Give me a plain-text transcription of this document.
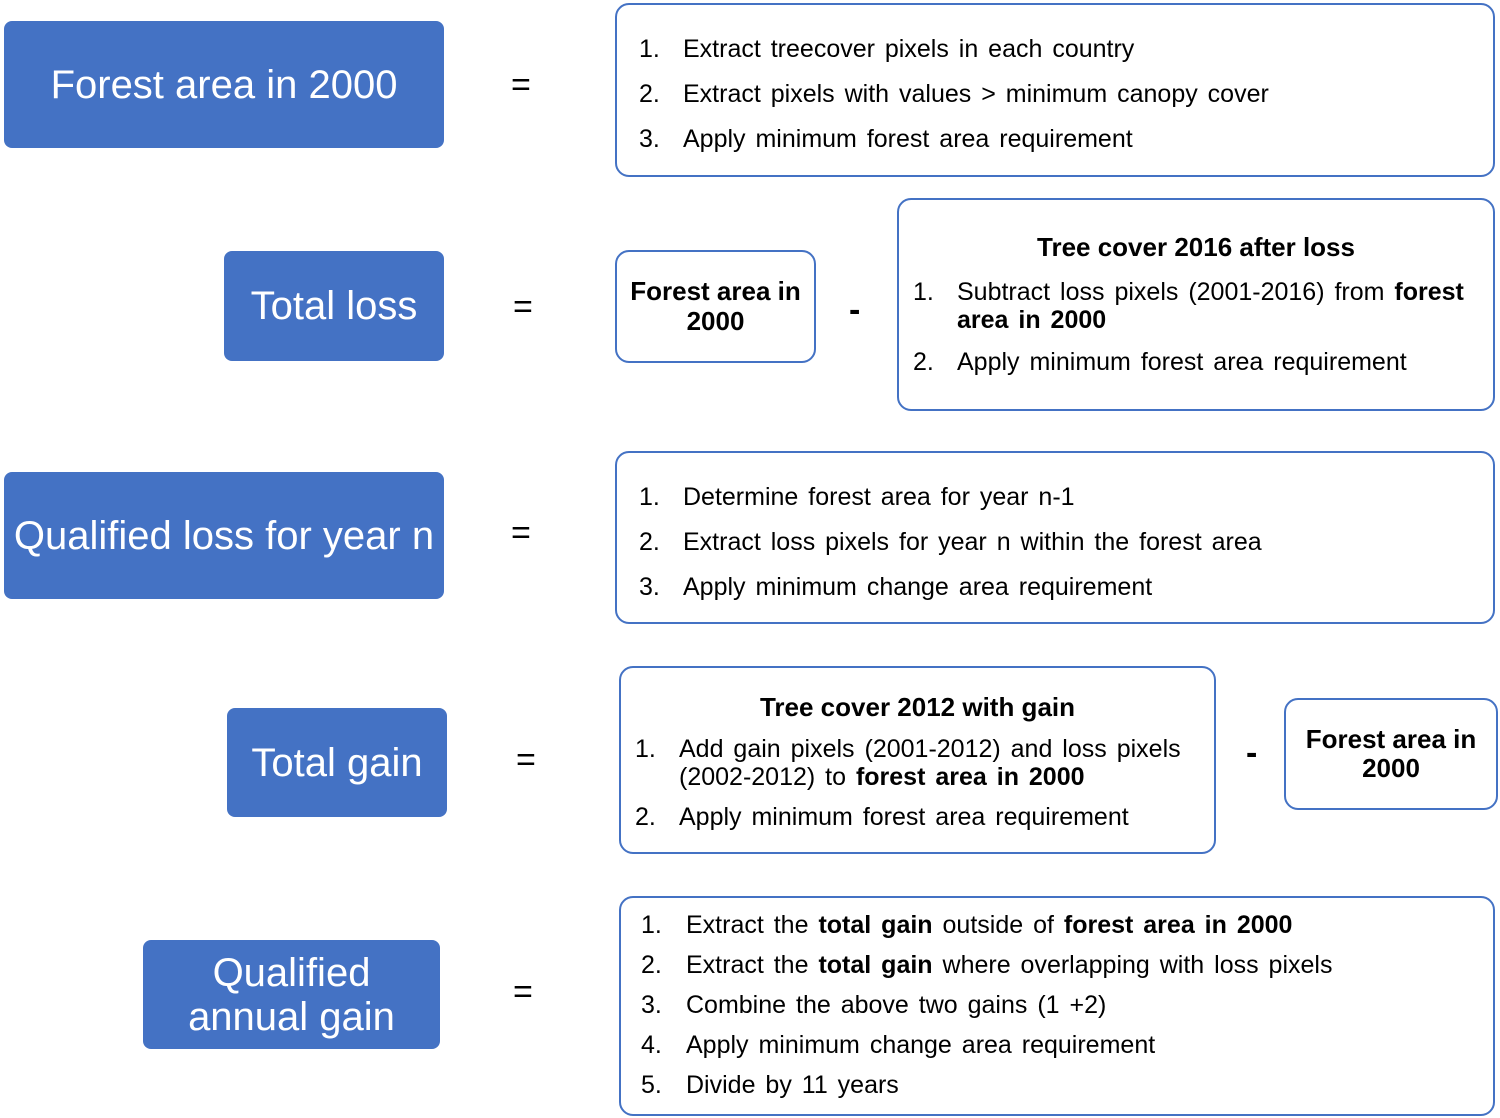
Forest area in 2000	=
1. Extract treecover pixels in each country
2. Extract pixels with values > minimum canopy cover
3. Apply minimum forest area requirement
Total loss	=	Forest area in 2000	-
Tree cover 2016 after loss
1. Subtract loss pixels (2001-2016) from forest area in 2000
2. Apply minimum forest area requirement
Qualified loss for year n =
1. Determine forest area for year n-1
2. Extract loss pixels for year n within the forest area
3. Apply minimum change area requirement
Total gain	=
Tree cover 2012 with gain
1. Add gain pixels (2001-2012) and loss pixels (2002-2012) to forest area in 2000
2. Apply minimum forest area requirement
- Forest area in 2000
Qualified annual gain
=
1. Extract the total gain outside of forest area in 2000
2. Extract the total gain where overlapping with loss pixels
3. Combine the above two gains (1 +2)
4. Apply minimum change area requirement
5. Divide by 11 years
